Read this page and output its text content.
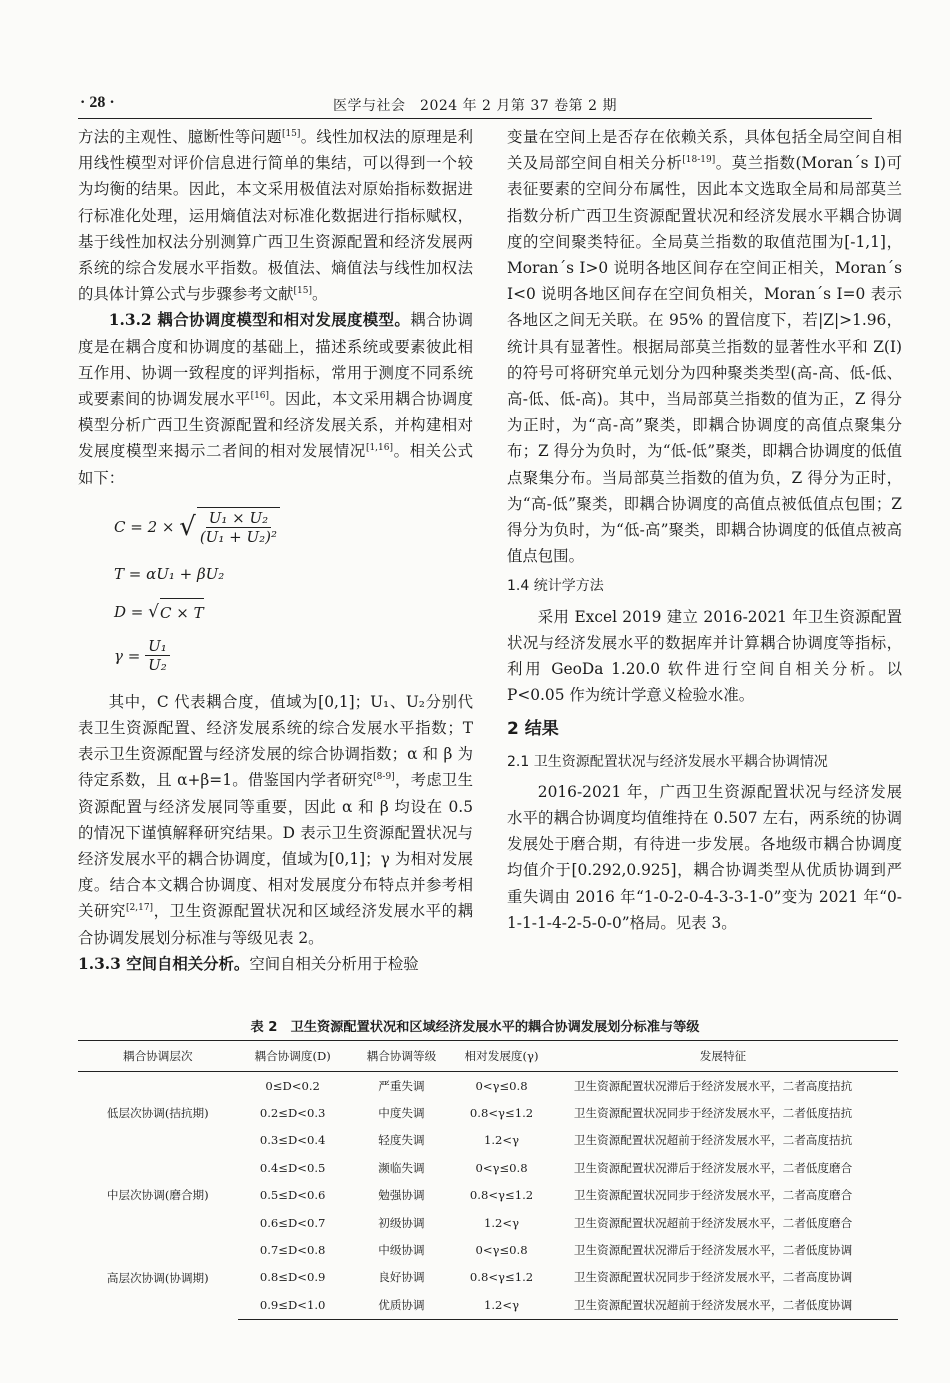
· 28 ·	医学与社会　2024 年 2 月第 37 卷第 2 期

方法的主观性、臆断性等问题[15]。线性加权法的原理是利用线性模型对评价信息进行简单的集结，可以得到一个较为均衡的结果。因此，本文采用极值法对原始指标数据进行标准化处理，运用熵值法对标准化数据进行指标赋权，基于线性加权法分别测算广西卫生资源配置和经济发展两系统的综合发展水平指数。极值法、熵值法与线性加权法的具体计算公式与步骤参考文献[15]。

1.3.2 耦合协调度模型和相对发展度模型。耦合协调度是在耦合度和协调度的基础上，描述系统或要素彼此相互作用、协调一致程度的评判指标，常用于测度不同系统或要素间的协调发展水平[16]。因此，本文采用耦合协调度模型分析广西卫生资源配置和经济发展关系，并构建相对发展度模型来揭示二者间的相对发展情况[1,16]。相关公式如下：

C = 2 ×
√ $\frac{\text{U₁ × U₂}}{\text{(U₁ + U₂)²}}$
T = αU₁ + βU₂
D =
√ C × T
γ =
$\frac{\text{U₁}}{\text{U₂}}$

其中，C 代表耦合度，值域为[0,1]；U₁、U₂分别代表卫生资源配置、经济发展系统的综合发展水平指数；T 表示卫生资源配置与经济发展的综合协调指数；α 和 β 为待定系数，且 α+β=1。借鉴国内学者研究[8-9]，考虑卫生资源配置与经济发展同等重要，因此 α 和 β 均设在 0.5 的情况下谨慎解释研究结果。D 表示卫生资源配置状况与经济发展水平的耦合协调度，值域为[0,1]；γ 为相对发展度。结合本文耦合协调度、相对发展度分布特点并参考相关研究[2,17]，卫生资源配置状况和区域经济发展水平的耦合协调发展划分标准与等级见表 2。

1.3.3 空间自相关分析。空间自相关分析用于检验

变量在空间上是否存在依赖关系，具体包括全局空间自相关及局部空间自相关分析[18-19]。莫兰指数(Moran´s I)可表征要素的空间分布属性，因此本文选取全局和局部莫兰指数分析广西卫生资源配置状况和经济发展水平耦合协调度的空间聚类特征。全局莫兰指数的取值范围为[-1,1]，Moran´s I>0 说明各地区间存在空间正相关，Moran´s I<0 说明各地区间存在空间负相关，Moran´s I=0 表示各地区之间无关联。在 95% 的置信度下，若|Z|>1.96，统计具有显著性。根据局部莫兰指数的显著性水平和 Z(I) 的符号可将研究单元划分为四种聚类类型(高-高、低-低、高-低、低-高)。其中，当局部莫兰指数的值为正，Z 得分为正时，为“高-高”聚类，即耦合协调度的高值点聚集分布；Z 得分为负时，为“低-低”聚类，即耦合协调度的低值点聚集分布。当局部莫兰指数的值为负，Z 得分为正时，为“高-低”聚类，即耦合协调度的高值点被低值点包围；Z 得分为负时，为“低-高”聚类，即耦合协调度的低值点被高值点包围。

1.4 统计学方法

采用 Excel 2019 建立 2016-2021 年卫生资源配置状况与经济发展水平的数据库并计算耦合协调度等指标，利用 GeoDa 1.20.0 软件进行空间自相关分析。以 P<0.05 作为统计学意义检验水准。

2 结果

2.1 卫生资源配置状况与经济发展水平耦合协调情况

2016-2021 年，广西卫生资源配置状况与经济发展水平的耦合协调度均值维持在 0.507 左右，两系统的协调发展处于磨合期，有待进一步发展。各地级市耦合协调度均值介于[0.292,0.925]，耦合协调类型从优质协调到严重失调由 2016 年“1-0-2-0-4-3-3-1-0”变为 2021 年“0-1-1-1-4-2-5-0-0”格局。见表 3。

表 2　卫生资源配置状况和区域经济发展水平的耦合协调发展划分标准与等级
耦合协调层次	耦合协调度(D)	耦合协调等级	相对发展度(γ)	发展特征
低层次协调(拮抗期)	0≤D<0.2	严重失调	0<γ≤0.8	卫生资源配置状况滞后于经济发展水平，二者高度拮抗
	0.2≤D<0.3	中度失调	0.8<γ≤1.2	卫生资源配置状况同步于经济发展水平，二者低度拮抗
	0.3≤D<0.4	轻度失调	1.2<γ	卫生资源配置状况超前于经济发展水平，二者高度拮抗
中层次协调(磨合期)	0.4≤D<0.5	濒临失调	0<γ≤0.8	卫生资源配置状况滞后于经济发展水平，二者低度磨合
	0.5≤D<0.6	勉强协调	0.8<γ≤1.2	卫生资源配置状况同步于经济发展水平，二者高度磨合
	0.6≤D<0.7	初级协调	1.2<γ	卫生资源配置状况超前于经济发展水平，二者低度磨合
高层次协调(协调期)	0.7≤D<0.8	中级协调	0<γ≤0.8	卫生资源配置状况滞后于经济发展水平，二者低度协调
	0.8≤D<0.9	良好协调	0.8<γ≤1.2	卫生资源配置状况同步于经济发展水平，二者高度协调
	0.9≤D<1.0	优质协调	1.2<γ	卫生资源配置状况超前于经济发展水平，二者低度协调
